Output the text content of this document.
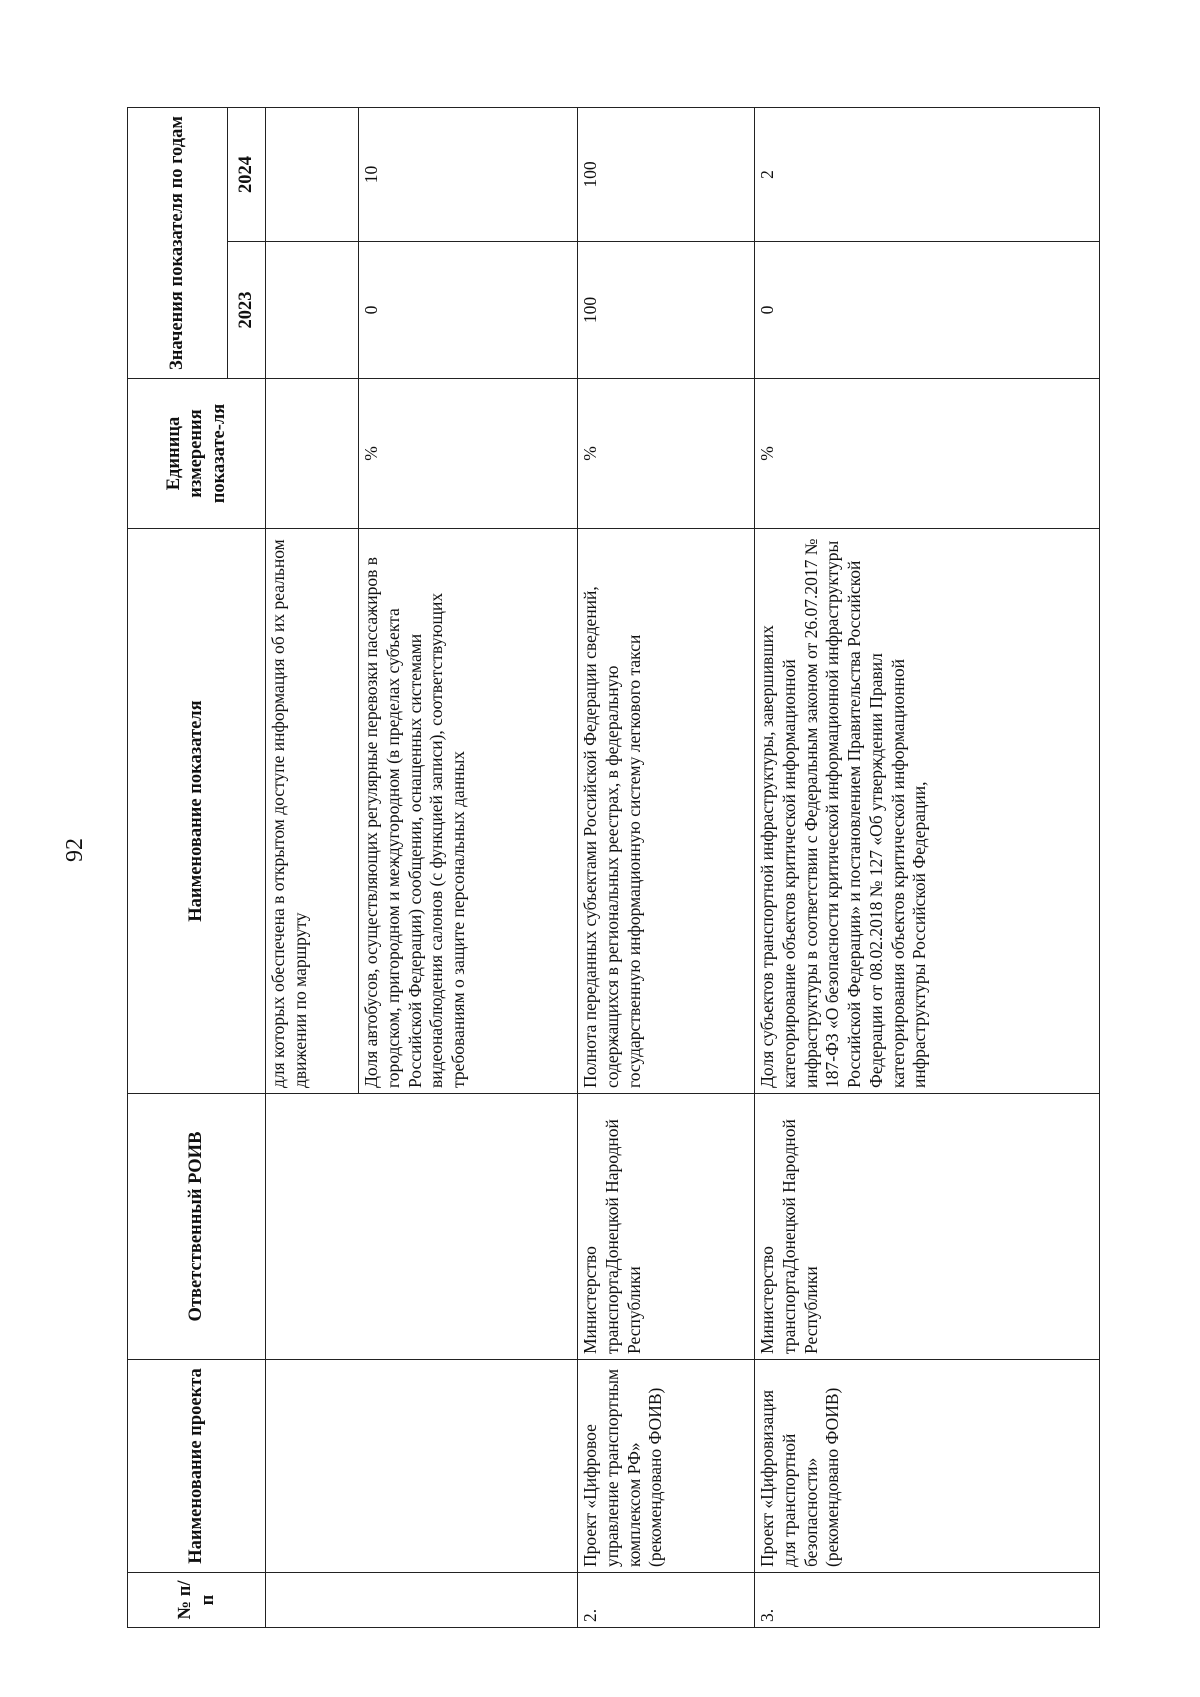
92
№ п/п	Наименование проекта	Ответственный РОИВ	Наименование показателя	Единица измерения показате-ля	Значения показателя по годам	
					2023	2024

			для которых обеспечена в открытом доступе информация об их реальном движении по маршруту			

			Доля автобусов, осуществляющих регулярные перевозки пассажиров в городском, пригородном и междугородном (в пределах субъекта Российской Федерации) сообщении, оснащенных системами видеонаблюдения салонов (с функцией записи), соответствующих требованиям о защите персональных данных	%	0	10
2.	Проект «Цифровое управление транспортным комплексом РФ» (рекомендовано ФОИВ)	Министерство транспортаДонецкой Народной Республики	Полнота переданных субъектами Российской Федерации сведений, содержащихся в региональных реестрах, в федеральную государственную информационную систему легкового такси	%	100	100
3.	Проект «Цифровизация для транспортной безопасности» (рекомендовано ФОИВ)	Министерство транспортаДонецкой Народной Республики	Доля субъектов транспортной инфраструктуры, завершивших категорирование объектов критической информационной инфраструктуры в соответствии с Федеральным законом от 26.07.2017 № 187-ФЗ «О безопасности критической информационной инфраструктуры Российской Федерации» и постановлением Правительства Российской Федерации от 08.02.2018 № 127 «Об утверждении Правил категорирования объектов критической информационной инфраструктуры Российской Федерации,	%	0	2
